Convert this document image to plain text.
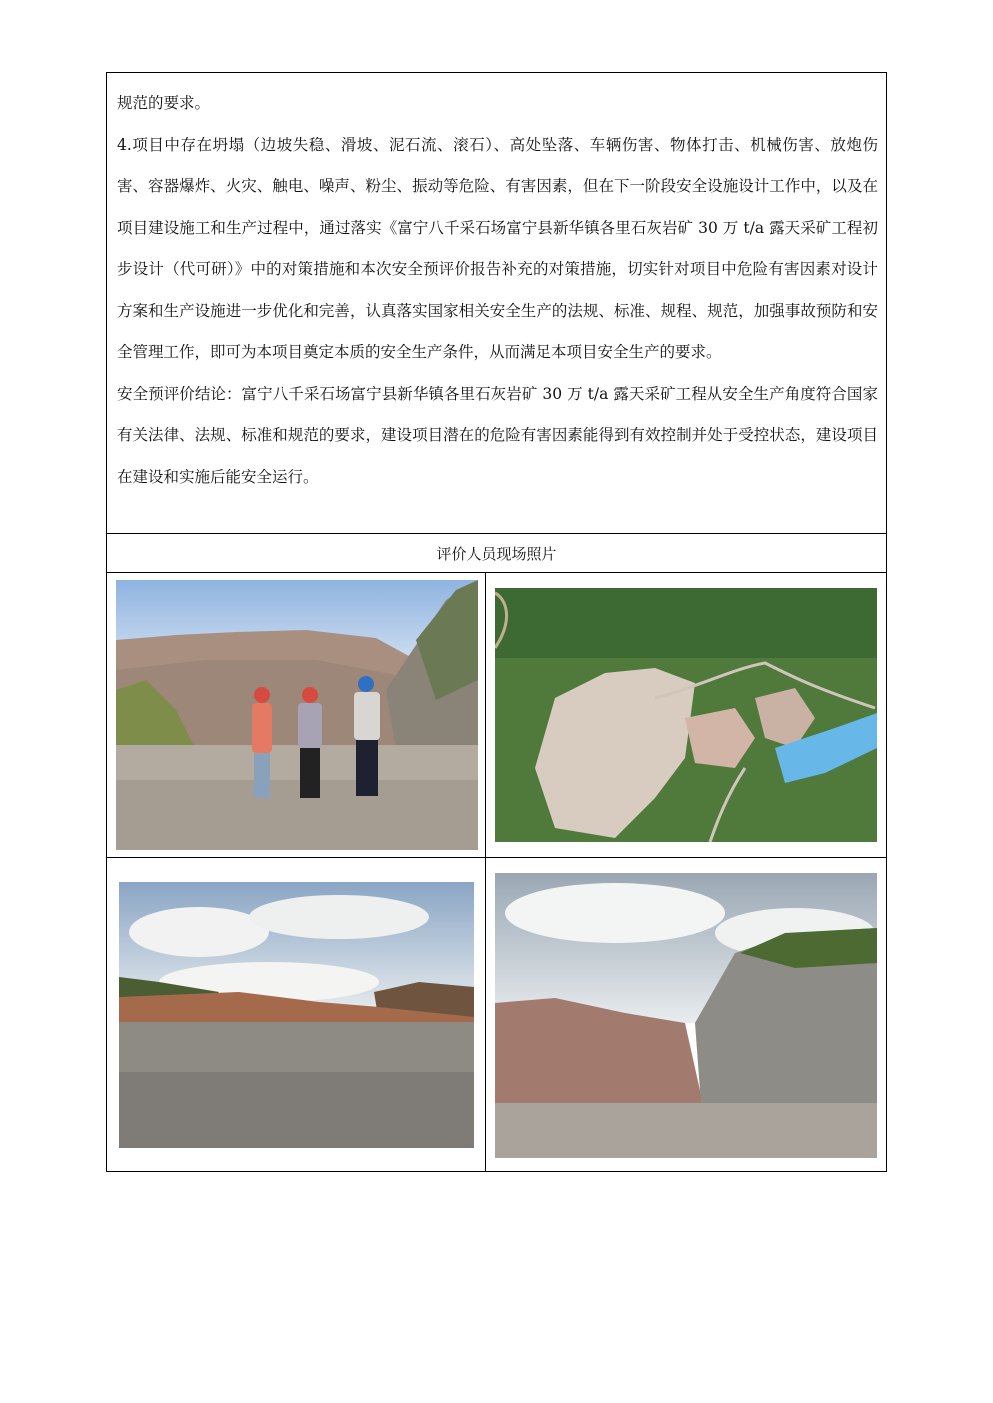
规范的要求。

4.项目中存在坍塌（边坡失稳、滑坡、泥石流、滚石）、高处坠落、车辆伤害、物体打击、机械伤害、放炮伤害、容器爆炸、火灾、触电、噪声、粉尘、振动等危险、有害因素，但在下一阶段安全设施设计工作中，以及在项目建设施工和生产过程中，通过落实《富宁八千采石场富宁县新华镇各里石灰岩矿 30 万 t/a 露天采矿工程初步设计（代可研）》中的对策措施和本次安全预评价报告补充的对策措施，切实针对项目中危险有害因素对设计方案和生产设施进一步优化和完善，认真落实国家相关安全生产的法规、标准、规程、规范，加强事故预防和安全管理工作，即可为本项目奠定本质的安全生产条件，从而满足本项目安全生产的要求。

安全预评价结论：富宁八千采石场富宁县新华镇各里石灰岩矿 30 万 t/a 露天采矿工程从安全生产角度符合国家有关法律、法规、标准和规范的要求，建设项目潜在的危险有害因素能得到有效控制并处于受控状态，建设项目在建设和实施后能安全运行。

评价人员现场照片
